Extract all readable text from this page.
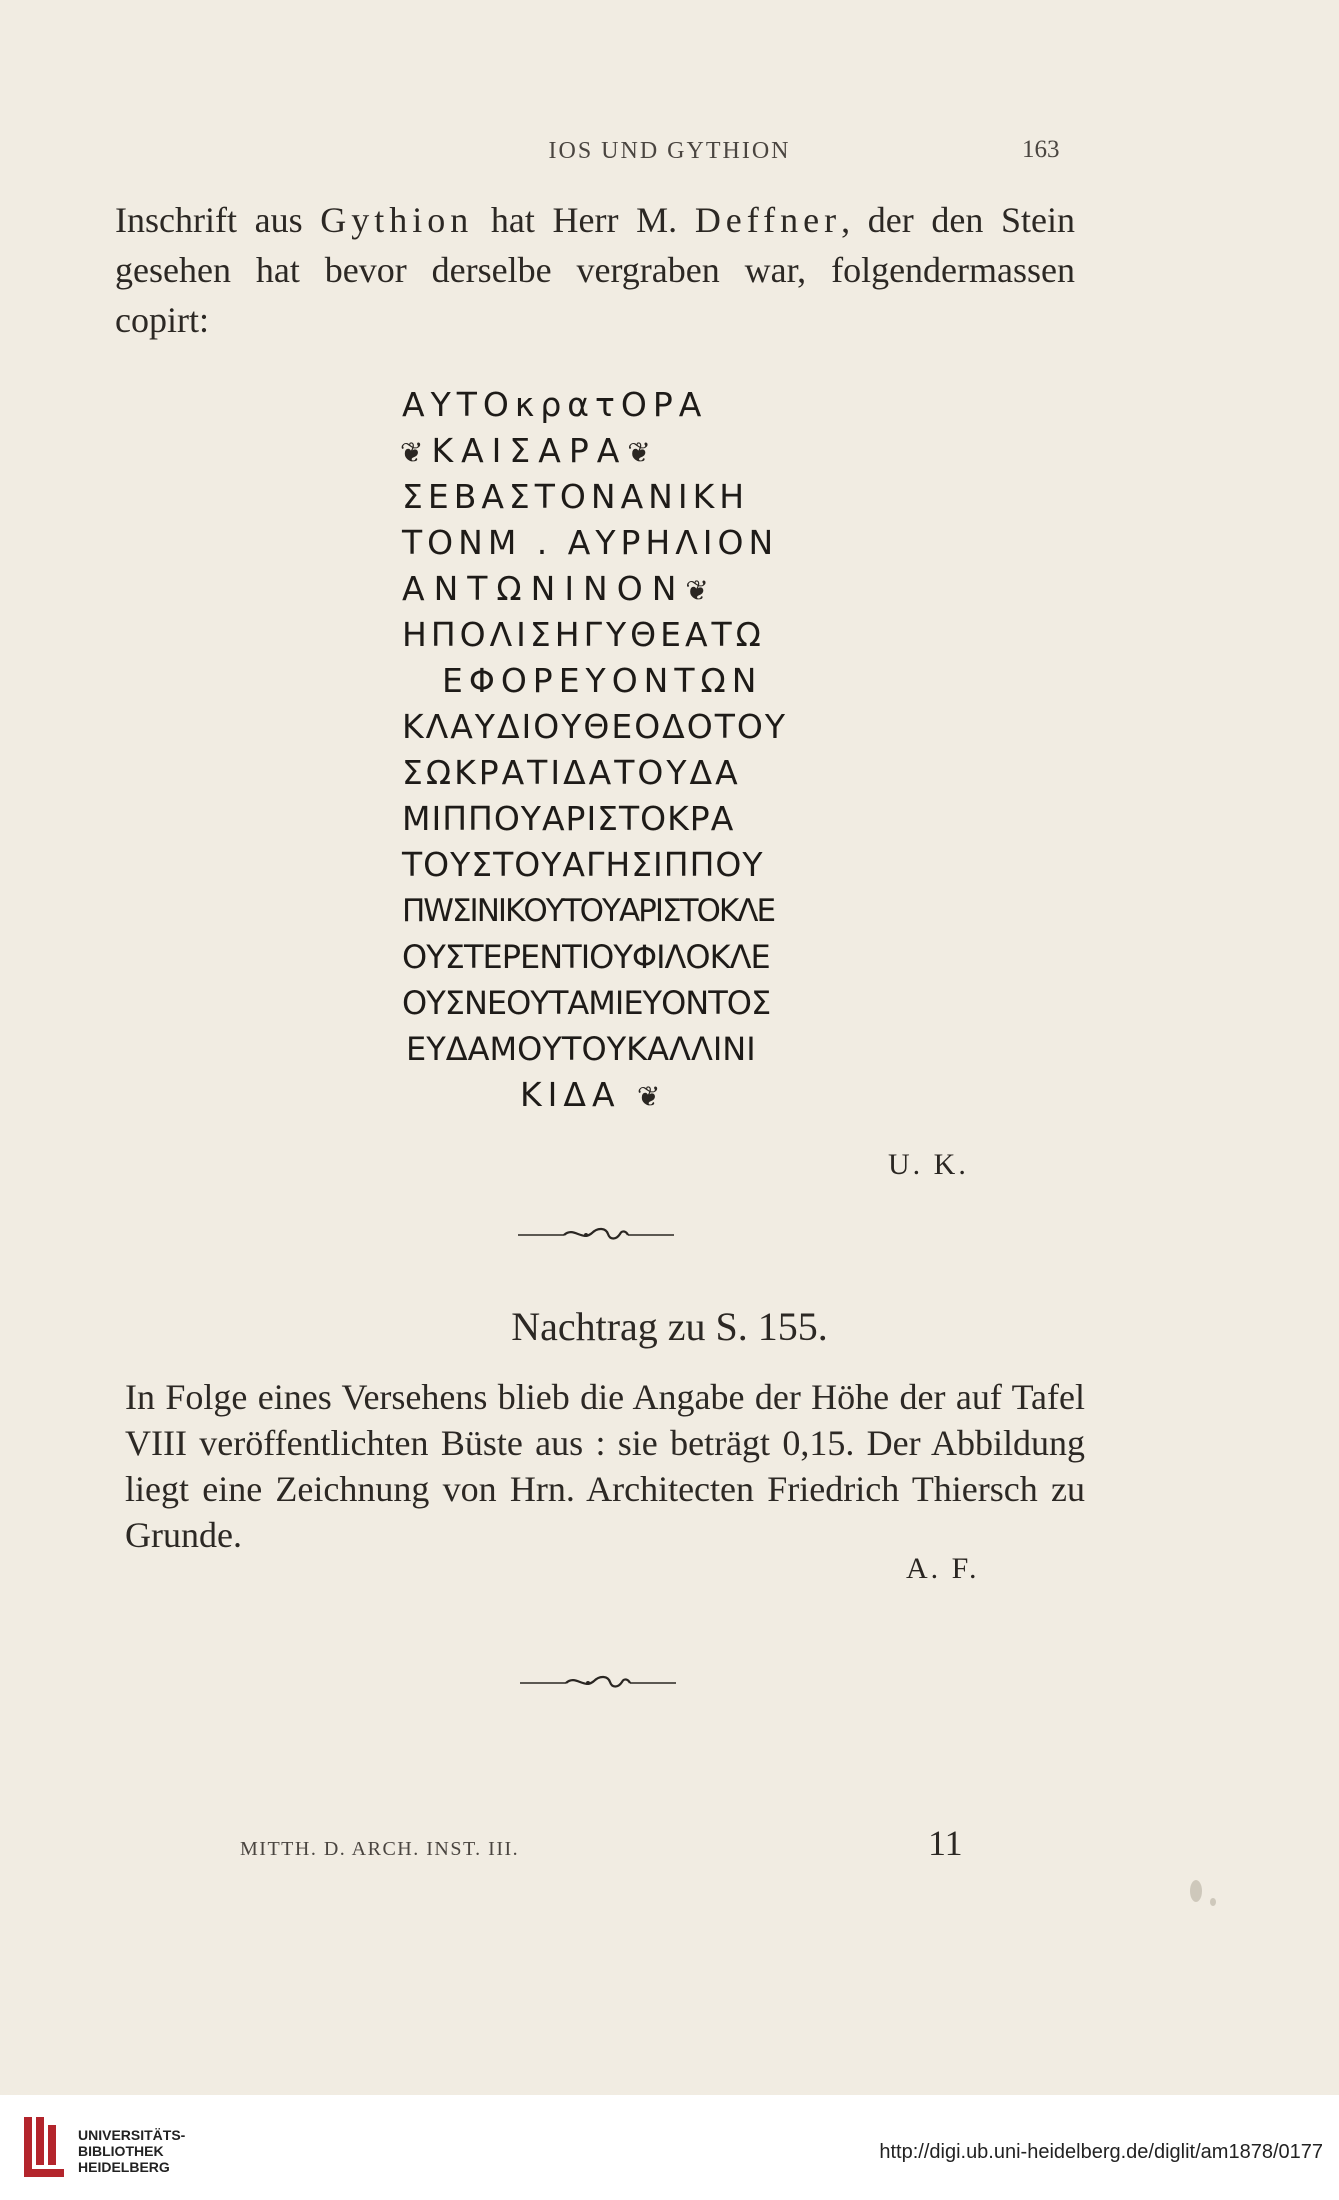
IOS UND GYTHION	163
Inschrift aus Gythion hat Herr M. Deffner, der den Stein gesehen hat bevor derselbe vergraben war, folgendermassen copirt:
ΑΥΤΟκρατΟΡΑ
❦ΚΑΙΣΑΡΑ❦
ΣΕΒΑΣΤΟΝΑΝΙΚΗ
ΤΟΝΜ . ΑΥΡΗΛΙΟΝ
ΑΝΤΩΝΙΝΟΝ❦
ΗΠΟΛΙΣΗΓΥΘΕΑΤΩ
ΕΦΟΡΕΥΟΝΤΩΝ
ΚΛΑΥΔΙΟΥΘΕΟΔΟΤΟΥ
ΣΩΚΡΑΤΙΔΑΤΟΥΔΑ
ΜΙΠΠΟΥΑΡΙΣΤΟΚΡΑ
ΤΟΥΣΤΟΥΑΓΗΣΙΠΠΟΥ
ΠWΣΙΝΙΚΟΥΤΟΥΑΡΙΣΤΟΚΛΕ
ΟΥΣΤΕΡΕΝΤΙΟΥΦΙΛΟΚΛΕ
ΟΥΣΝΕΟΥΤΑΜΙΕΥΟΝΤΟΣ
ΕΥΔΑΜΟΥΤΟΥΚΑΛΛΙΝΙ
ΚΙΔΑ ❦
U. K.
Nachtrag zu S. 155.
In Folge eines Versehens blieb die Angabe der Höhe der auf Tafel VIII veröffentlichten Büste aus : sie beträgt 0,15. Der Abbildung liegt eine Zeichnung von Hrn. Architecten Friedrich Thiersch zu Grunde.
A. F.
MITTH. D. ARCH. INST. III.	11
UNIVERSITÄTS-
BIBLIOTHEK
HEIDELBERG
http://digi.ub.uni-heidelberg.de/diglit/am1878/0177
